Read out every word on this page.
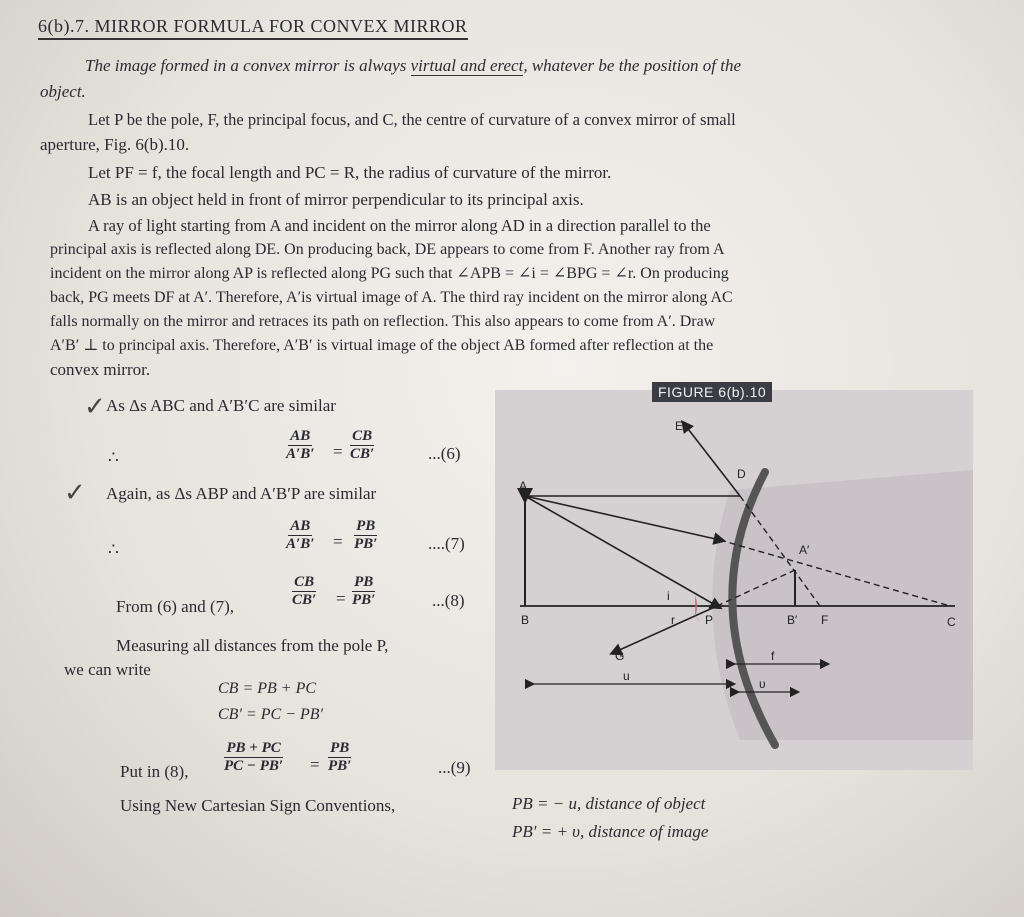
6(b).7. MIRROR FORMULA FOR CONVEX MIRROR
The image formed in a convex mirror is always virtual and erect, whatever be the position of the
object.
Let P be the pole, F, the principal focus, and C, the centre of curvature of a convex mirror of small
aperture, Fig. 6(b).10.
Let PF = f, the focal length and PC = R, the radius of curvature of the mirror.
AB is an object held in front of mirror perpendicular to its principal axis.
A ray of light starting from A and incident on the mirror along AD in a direction parallel to the
principal axis is reflected along DE. On producing back, DE appears to come from F. Another ray from A
incident on the mirror along AP is reflected along PG such that ∠APB = ∠i = ∠BPG = ∠r. On producing
back, PG meets DF at A′. Therefore, A′is virtual image of A. The third ray incident on the mirror along AC
falls normally on the mirror and retraces its path on reflection. This also appears to come from A′. Draw
A′B′ ⊥ to principal axis. Therefore, A′B′ is virtual image of the object AB formed after reflection at the
convex mirror.
✓ As Δs ABC and A′B′C are similar
∴	$\frac{AB}{A'B'} = \frac{CB}{CB'}$	...(6)
✓ Again, as Δs ABP and A′B′P are similar
∴	$\frac{AB}{A'B'} = \frac{PB}{PB'}$	....(7)
From (6) and (7),	$\frac{CB}{CB'} = \frac{PB}{PB'}$	...(8)
Measuring all distances from the pole P,
we can write
CB = PB + PC
CB′ = PC − PB′
Put in (8), $\frac{PB + PC}{PC - PB'} = \frac{PB}{PB'}$	...(9)
Using New Cartesian Sign Conventions,	PB = − u, distance of object
PB′ = + υ, distance of image
E
D
A
A′
B
i
r	P	B′ F	C
G
u
f
υ
FIGURE 6(b).10
